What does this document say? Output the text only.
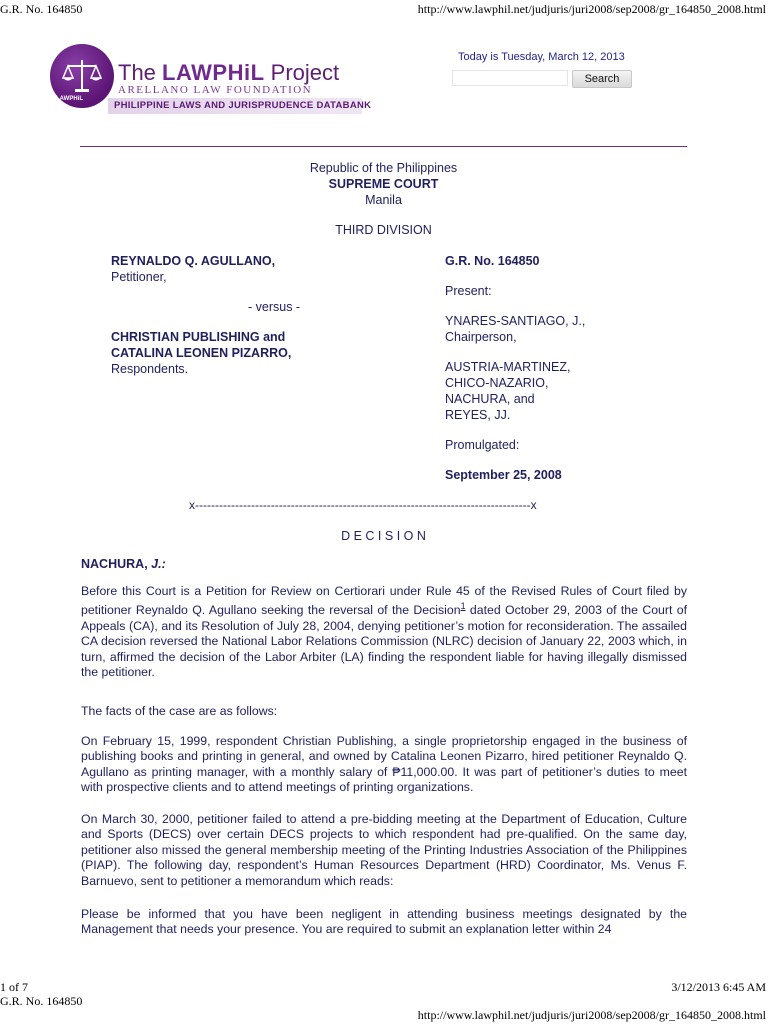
G.R. No. 164850	http://www.lawphil.net/judjuris/juri2008/sep2008/gr_164850_2008.html
LAWPHiL
The LAWPHiL Project
ARELLANO LAW FOUNDATION
PHILIPPINE LAWS AND JURISPRUDENCE DATABANK
Today is Tuesday, March 12, 2013
Search
Republic of the Philippines
SUPREME COURT
Manila
THIRD DIVISION
REYNALDO Q. AGULLANO,
Petitioner,
- versus -
CHRISTIAN PUBLISHING and
CATALINA LEONEN PIZARRO,
Respondents.
G.R. No. 164850
Present:
YNARES-SANTIAGO, J.,
Chairperson,
AUSTRIA-MARTINEZ,
CHICO-NAZARIO,
NACHURA, and
REYES, JJ.
Promulgated:
September 25, 2008
x------------------------------------------------------------------------------------x
D E C I S I O N
NACHURA, J.:
Before this Court is a Petition for Review on Certiorari under Rule 45 of the Revised Rules of Court filed by petitioner Reynaldo Q. Agullano seeking the reversal of the Decision$^1$ dated October 29, 2003 of the Court of Appeals (CA), and its Resolution of July 28, 2004, denying petitioner’s motion for reconsideration. The assailed CA decision reversed the National Labor Relations Commission (NLRC) decision of January 22, 2003 which, in turn, affirmed the decision of the Labor Arbiter (LA) finding the respondent liable for having illegally dismissed the petitioner.
The facts of the case are as follows:
On February 15, 1999, respondent Christian Publishing, a single proprietorship engaged in the business of publishing books and printing in general, and owned by Catalina Leonen Pizarro, hired petitioner Reynaldo Q. Agullano as printing manager, with a monthly salary of ₱11,000.00. It was part of petitioner’s duties to meet with prospective clients and to attend meetings of printing organizations.
On March 30, 2000, petitioner failed to attend a pre-bidding meeting at the Department of Education, Culture and Sports (DECS) over certain DECS projects to which respondent had pre-qualified. On the same day, petitioner also missed the general membership meeting of the Printing Industries Association of the Philippines (PIAP). The following day, respondent’s Human Resources Department (HRD) Coordinator, Ms. Venus F. Barnuevo, sent to petitioner a memorandum which reads:
Please be informed that you have been negligent in attending business meetings designated by the Management that needs your presence. You are required to submit an explanation letter within 24
1 of 7	3/12/2013 6:45 AM
G.R. No. 164850
http://www.lawphil.net/judjuris/juri2008/sep2008/gr_164850_2008.html
